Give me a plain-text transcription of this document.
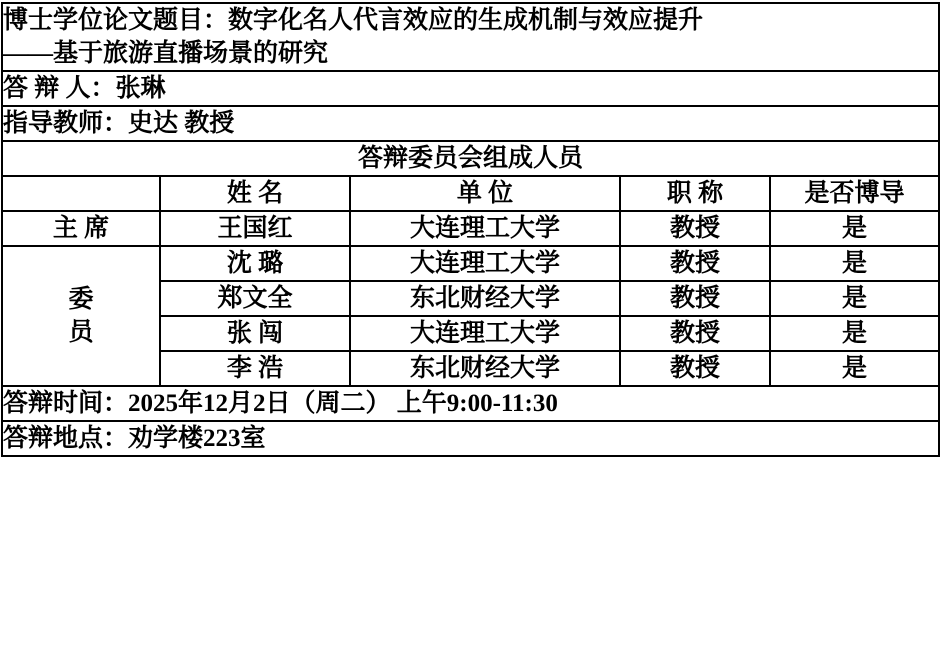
博士学位论文题目：数字化名人代言效应的生成机制与效应提升
——基于旅游直播场景的研究				

答 辩 人：张琳				
指导教师：史达 教授				
答辩委员会组成人员				
	姓 名	单 位	职 称	是否博导
主 席	王国红	大连理工大学	教授	是

委
员	沈 璐	大连理工大学	教授	是
	郑文全	东北财经大学	教授	是
	张 闯	大连理工大学	教授	是
	李 浩	东北财经大学	教授	是
答辩时间：2025年12月2日（周二） 上午9:00-11:30				
答辩地点：劝学楼223室				
